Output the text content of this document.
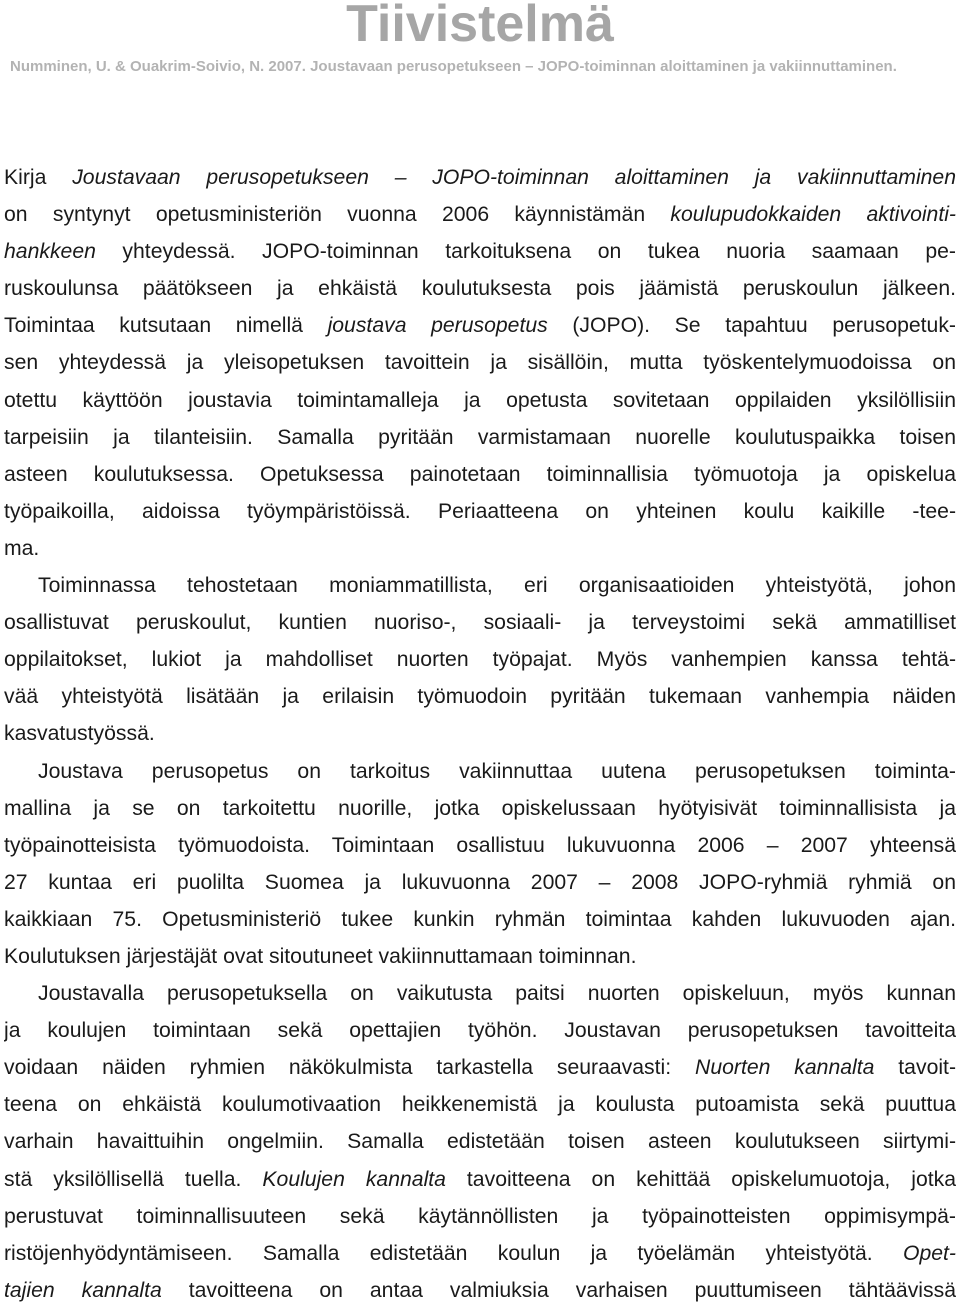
Tiivistelmä
Numminen, U. & Ouakrim-Soivio, N. 2007. Joustavaan perusopetukseen – JOPO-toiminnan aloittaminen ja vakiinnuttaminen.
Kirja Joustavaan perusopetukseen – JOPO-toiminnan aloittaminen ja vakiinnuttaminen
on syntynyt opetusministeriön vuonna 2006 käynnistämän koulupudokkaiden aktivointi-
hankkeen yhteydessä. JOPO-toiminnan tarkoituksena on tukea nuoria saamaan pe-
ruskoulunsa päätökseen ja ehkäistä koulutuksesta pois jäämistä peruskoulun jälkeen.
Toimintaa kutsutaan nimellä joustava perusopetus (JOPO). Se tapahtuu perusopetuk-
sen yhteydessä ja yleisopetuksen tavoittein ja sisällöin, mutta työskentelymuodoissa on
otettu käyttöön joustavia toimintamalleja ja opetusta sovitetaan oppilaiden yksilöllisiin
tarpeisiin ja tilanteisiin. Samalla pyritään varmistamaan nuorelle koulutuspaikka toisen
asteen koulutuksessa. Opetuksessa painotetaan toiminnallisia työmuotoja ja opiskelua
työpaikoilla, aidoissa työympäristöissä. Periaatteena on yhteinen koulu kaikille -tee-
ma.
Toiminnassa tehostetaan moniammatillista, eri organisaatioiden yhteistyötä, johon
osallistuvat peruskoulut, kuntien nuoriso-, sosiaali- ja terveystoimi sekä ammatilliset
oppilaitokset, lukiot ja mahdolliset nuorten työpajat. Myös vanhempien kanssa tehtä-
vää yhteistyötä lisätään ja erilaisin työmuodoin pyritään tukemaan vanhempia näiden
kasvatustyössä.
Joustava perusopetus on tarkoitus vakiinnuttaa uutena perusopetuksen toiminta-
mallina ja se on tarkoitettu nuorille, jotka opiskelussaan hyötyisivät toiminnallisista ja
työpainotteisista työmuodoista. Toimintaan osallistuu lukuvuonna 2006 – 2007 yhteensä
27 kuntaa eri puolilta Suomea ja lukuvuonna 2007 – 2008 JOPO-ryhmiä ryhmiä on
kaikkiaan 75. Opetusministeriö tukee kunkin ryhmän toimintaa kahden lukuvuoden ajan.
Koulutuksen järjestäjät ovat sitoutuneet vakiinnuttamaan toiminnan.
Joustavalla perusopetuksella on vaikutusta paitsi nuorten opiskeluun, myös kunnan
ja koulujen toimintaan sekä opettajien työhön. Joustavan perusopetuksen tavoitteita
voidaan näiden ryhmien näkökulmista tarkastella seuraavasti: Nuorten kannalta tavoit-
teena on ehkäistä koulumotivaation heikkenemistä ja koulusta putoamista sekä puuttua
varhain havaittuihin ongelmiin. Samalla edistetään toisen asteen koulutukseen siirtymi-
stä yksilöllisellä tuella. Koulujen kannalta tavoitteena on kehittää opiskelumuotoja, jotka
perustuvat toiminnallisuuteen sekä käytännöllisten ja työpainotteisten oppimisympä-
ristöjenhyödyntämiseen. Samalla edistetään koulun ja työelämän yhteistyötä. Opet-
tajien kannalta tavoitteena on antaa valmiuksia varhaisen puuttumiseen tähtäävissä
